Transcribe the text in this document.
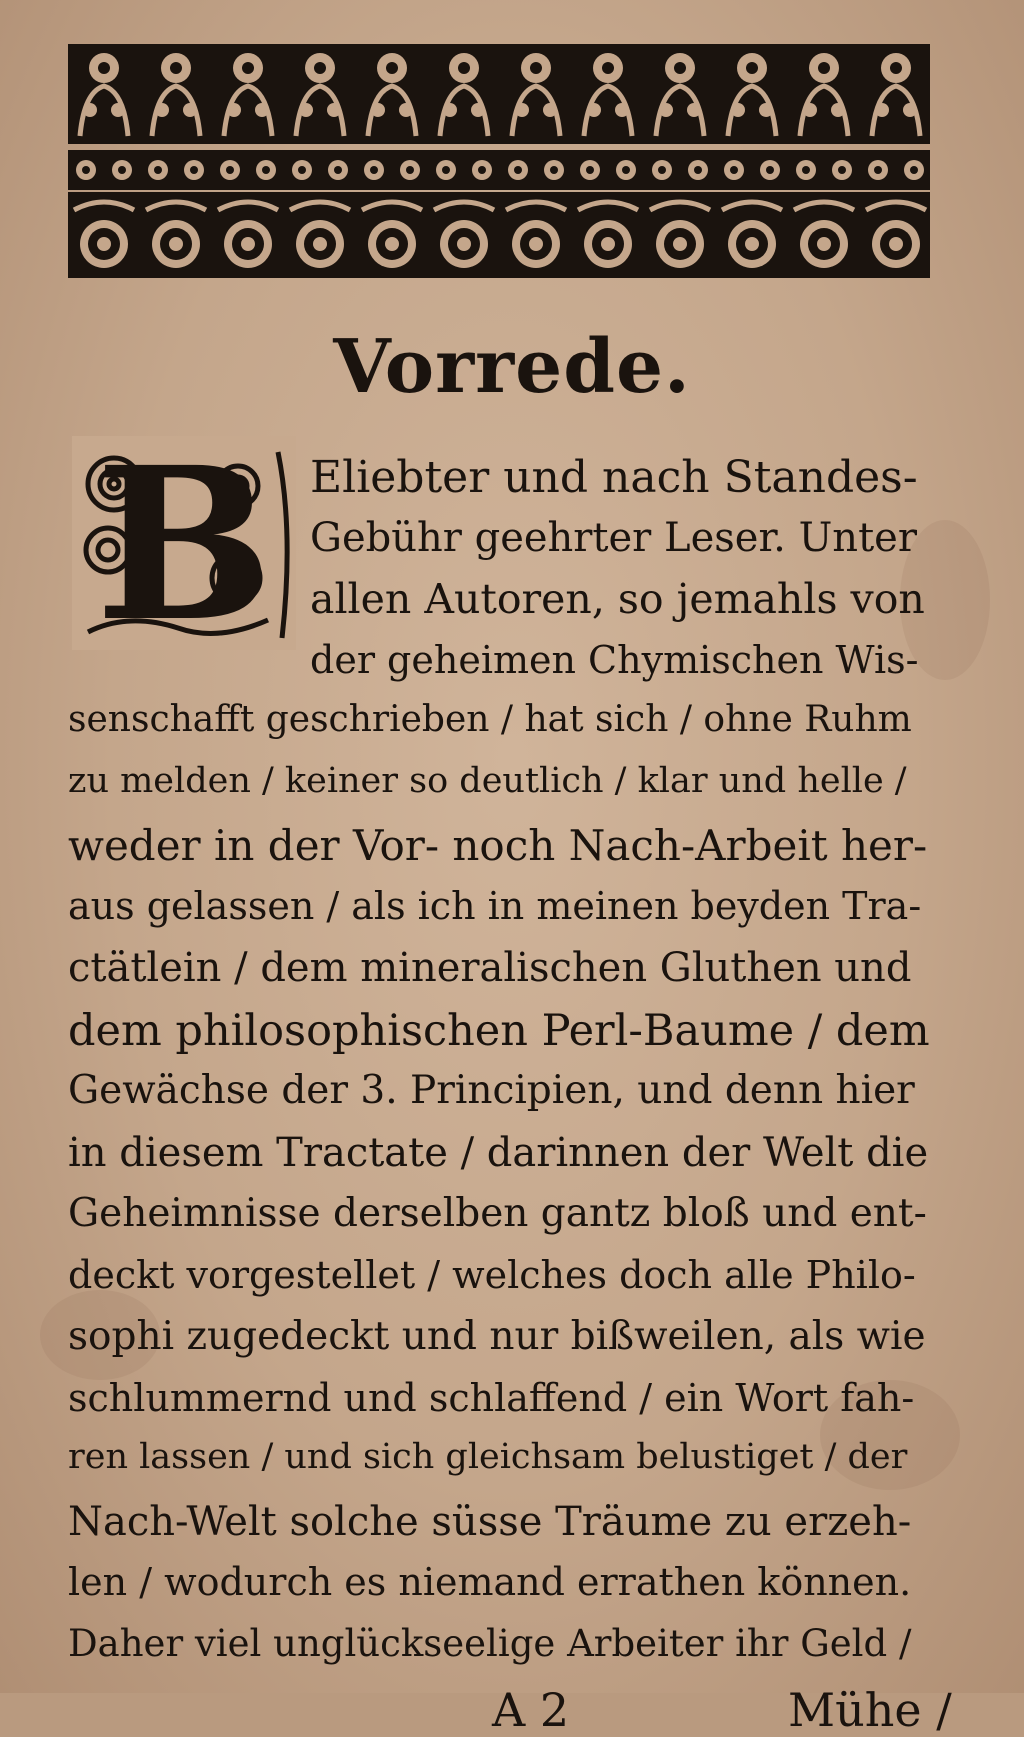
Vorrede.
B Eliebter und nach Standes-
Gebühr geehrter Leser. Unter
allen Autoren, so jemahls von
der geheimen Chymischen Wis-
senschafft geschrieben / hat sich / ohne Ruhm
zu melden / keiner so deutlich / klar und helle /
weder in der Vor- noch Nach-Arbeit her-
aus gelassen / als ich in meinen beyden Tra-
ctätlein / dem mineralischen Gluthen und
dem philosophischen Perl-Baume / dem
Gewächse der 3. Principien, und denn hier
in diesem Tractate / darinnen der Welt die
Geheimnisse derselben gantz bloß und ent-
deckt vorgestellet / welches doch alle Philo-
sophi zugedeckt und nur bißweilen, als wie
schlummernd und schlaffend / ein Wort fah-
ren lassen / und sich gleichsam belustiget / der
Nach-Welt solche süsse Träume zu erzeh-
len / wodurch es niemand errathen können.
Daher viel unglückseelige Arbeiter ihr Geld /
A 2	Mühe /
